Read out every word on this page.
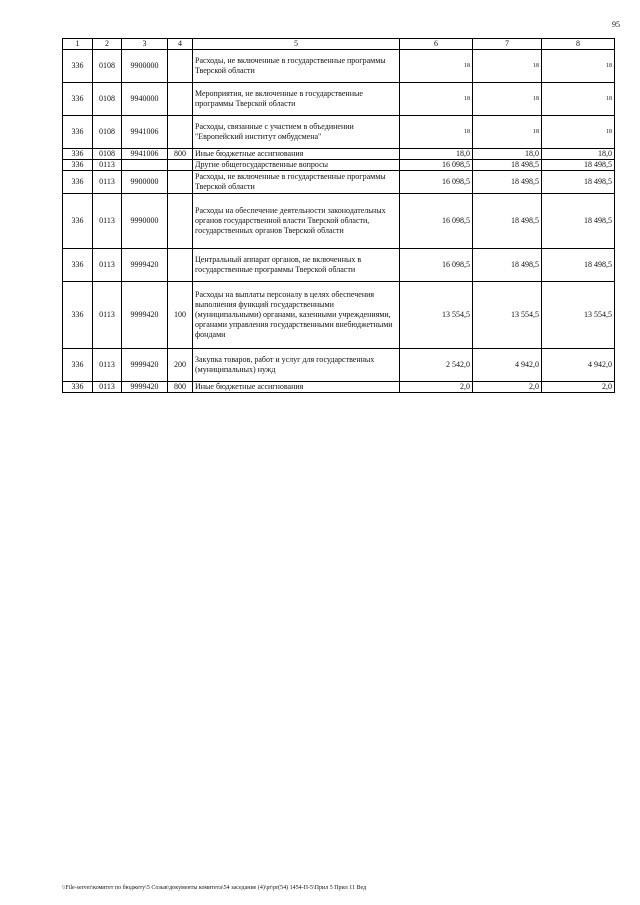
95
1	2	3	4	5	6	7	8
336	0108	9900000		Расходы, не включенные в государственные программы Тверской области	18	18	18
336	0108	9940000		Мероприятия, не включенные в государственные программы Тверской области	18	18	18
336	0108	9941006		Расходы, связанные с участием в объединении "Европейский институт омбудсмена"	18	18	18
336	0108	9941006	800	Иные бюджетные ассигнования	18,0	18,0	18,0
336	0113			Другие общегосударственные вопросы	16 098,5	18 498,5	18 498,5
336	0113	9900000		Расходы, не включенные в государственные программы Тверской области	16 098,5	18 498,5	18 498,5
336	0113	9990000		Расходы на обеспечение деятельности законодательных органов государственной власти Тверской области, государственных органов Тверской области	16 098,5	18 498,5	18 498,5
336	0113	9999420		Центральный аппарат органов, не включенных в государственные программы Тверской области	16 098,5	18 498,5	18 498,5
336	0113	9999420	100	Расходы на выплаты персоналу в целях обеспечения выполнения функций государственными (муниципальными) органами, казенными учреждениями, органами управления государственными внебюджетными фондами	13 554,5	13 554,5	13 554,5
336	0113	9999420	200	Закупка товаров, работ и услуг для государственных (муниципальных) нужд	2 542,0	4 942,0	4 942,0
336	0113	9999420	800	Иные бюджетные ассигнования	2,0	2,0	2,0
\\File-server\комитет по бюджету\5 Созыв\документы комитета\54 заседание (4)\pr\pr(54) 1454-П-5\Прил 5 Прил 11 Вед
